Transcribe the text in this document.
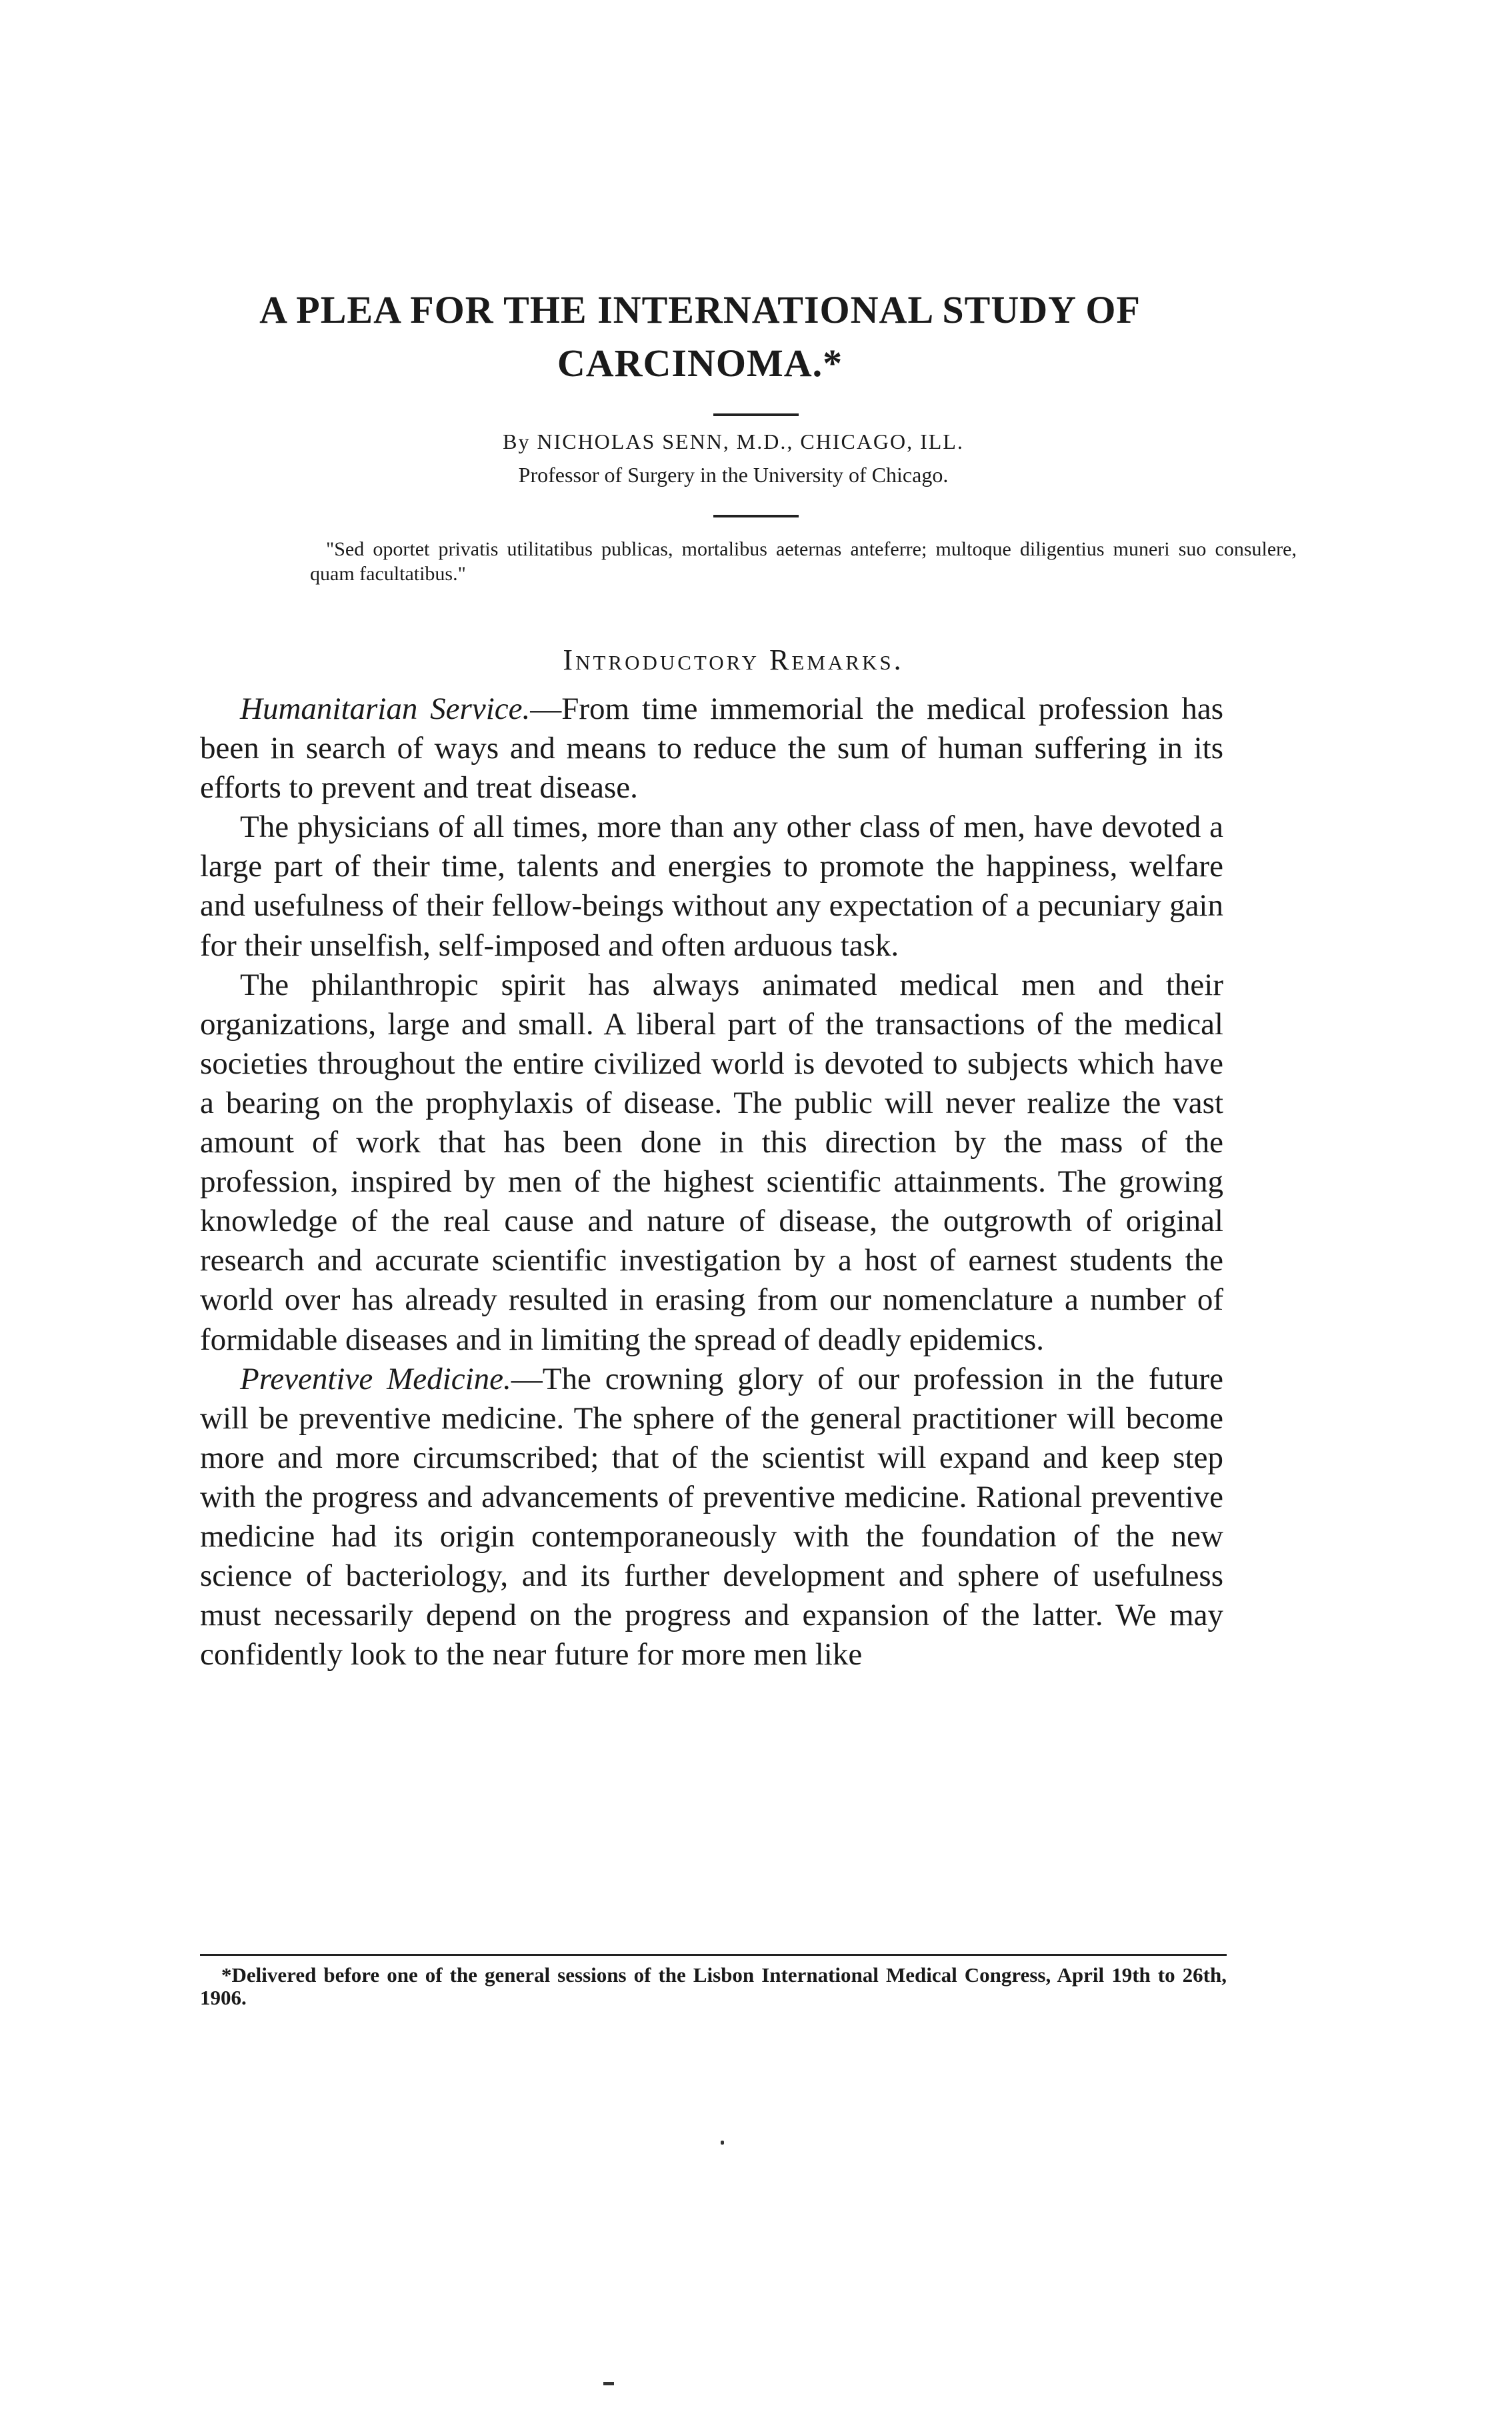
A PLEA FOR THE INTERNATIONAL STUDY OF
CARCINOMA.*
By NICHOLAS SENN, M.D., CHICAGO, ILL.
Professor of Surgery in the University of Chicago.
"Sed oportet privatis utilitatibus publicas, mortalibus aeternas anteferre; multoque diligentius muneri suo consulere, quam facultatibus."
Introductory Remarks.

Humanitarian Service.—From time immemorial the medical profession has been in search of ways and means to reduce the sum of human suffering in its efforts to prevent and treat disease.

The physicians of all times, more than any other class of men, have devoted a large part of their time, talents and energies to promote the happiness, welfare and usefulness of their fellow-beings without any expectation of a pecuniary gain for their unselfish, self-imposed and often arduous task.

The philanthropic spirit has always animated medical men and their organizations, large and small. A liberal part of the transactions of the medical societies throughout the entire civilized world is devoted to subjects which have a bearing on the prophylaxis of disease. The public will never realize the vast amount of work that has been done in this direction by the mass of the profession, inspired by men of the highest scientific attainments. The growing knowledge of the real cause and nature of disease, the outgrowth of original research and accurate scientific investigation by a host of earnest students the world over has already resulted in erasing from our nomenclature a number of formidable diseases and in limiting the spread of deadly epidemics.

Preventive Medicine.—The crowning glory of our profession in the future will be preventive medicine. The sphere of the general practitioner will become more and more circumscribed; that of the scientist will expand and keep step with the progress and advancements of preventive medicine. Rational preventive medicine had its origin contemporaneously with the foundation of the new science of bacteriology, and its further development and sphere of usefulness must necessarily depend on the progress and expansion of the latter. We may confidently look to the near future for more men like

*Delivered before one of the general sessions of the Lisbon International Medical Congress, April 19th to 26th, 1906.
